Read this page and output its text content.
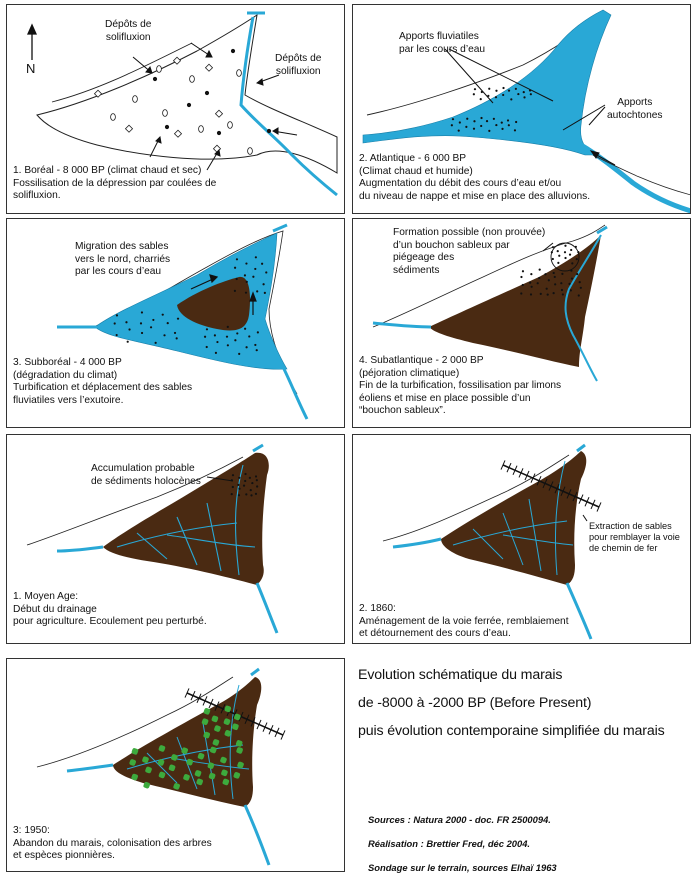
N
Dépôts de
solifluxion
Dépôts de
solifluxion
1. Boréal - 8 000 BP (climat chaud et sec)
Fossilisation de la dépression par coulées de
solifluxion.
Apports fluviatiles
par les cours d’eau
Apports
autochtones
2. Atlantique - 6 000 BP
(Climat chaud et humide)
Augmentation du débit des cours d’eau et/ou
du niveau de nappe et mise en place des alluvions.
Migration des sables
vers le nord, charriés
par les cours d’eau
3. Subboréal - 4 000 BP
(dégradation du climat)
Turbification et déplacement des sables
fluviatiles vers l’exutoire.
Formation possible (non prouvée)
d’un bouchon sableux par
piégeage des
sédiments
4. Subatlantique - 2 000 BP
(péjoration climatique)
Fin de la turbification, fossilisation par limons
éoliens et mise en place possible d’un
“bouchon sableux”.
Accumulation probable
de sédiments holocènes
1. Moyen Age:
Début du drainage
pour agriculture. Ecoulement peu perturbé.
Extraction de sables
pour remblayer la voie
de chemin de fer
2. 1860:
Aménagement de la voie ferrée, remblaiement
et détournement des cours d’eau.
3: 1950:
Abandon du marais, colonisation des arbres
et espèces pionnières.
Evolution schématique du marais
de -8000 à -2000 BP (Before Present)
puis évolution contemporaine simplifiée du marais
Sources : Natura 2000 - doc. FR 2500094.
Réalisation : Brettier Fred, déc 2004.
Sondage sur le terrain, sources Elhaï 1963
